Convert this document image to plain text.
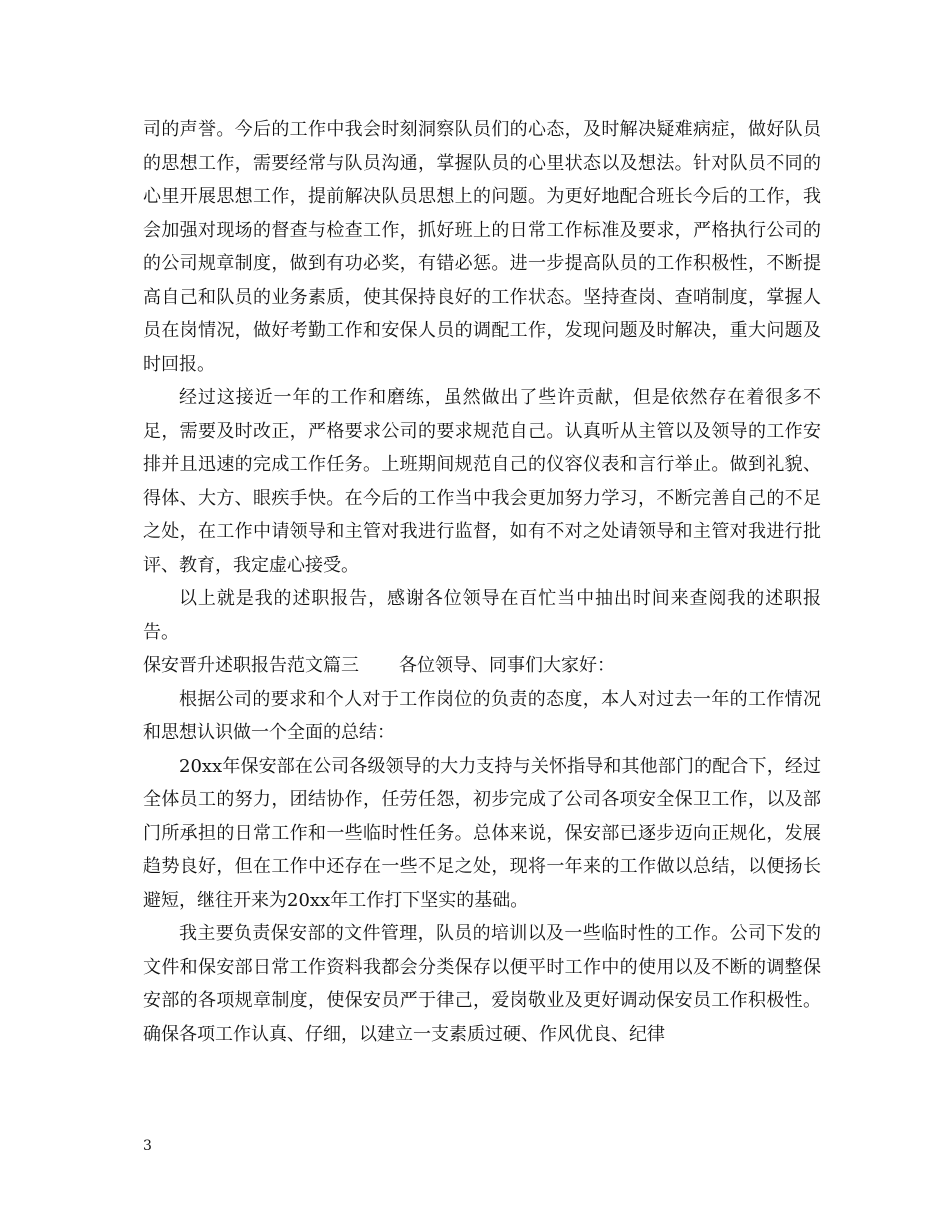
司的声誉。今后的工作中我会时刻洞察队员们的心态，及时解决疑难病症，做好队员的思想工作，需要经常与队员沟通，掌握队员的心里状态以及想法。针对队员不同的心里开展思想工作，提前解决队员思想上的问题。为更好地配合班长今后的工作，我会加强对现场的督查与检查工作，抓好班上的日常工作标准及要求，严格执行公司的的公司规章制度，做到有功必奖，有错必惩。进一步提高队员的工作积极性，不断提高自己和队员的业务素质，使其保持良好的工作状态。坚持查岗、查哨制度，掌握人员在岗情况，做好考勤工作和安保人员的调配工作，发现问题及时解决，重大问题及时回报。

经过这接近一年的工作和磨练，虽然做出了些许贡献，但是依然存在着很多不足，需要及时改正，严格要求公司的要求规范自己。认真听从主管以及领导的工作安排并且迅速的完成工作任务。上班期间规范自己的仪容仪表和言行举止。做到礼貌、得体、大方、眼疾手快。在今后的工作当中我会更加努力学习，不断完善自己的不足之处，在工作中请领导和主管对我进行监督，如有不对之处请领导和主管对我进行批评、教育，我定虚心接受。

以上就是我的述职报告，感谢各位领导在百忙当中抽出时间来查阅我的述职报告。

保安晋升述职报告范文篇三 各位领导、同事们大家好：

根据公司的要求和个人对于工作岗位的负责的态度，本人对过去一年的工作情况和思想认识做一个全面的总结：

20xx年保安部在公司各级领导的大力支持与关怀指导和其他部门的配合下，经过全体员工的努力，团结协作，任劳任怨，初步完成了公司各项安全保卫工作，以及部门所承担的日常工作和一些临时性任务。总体来说，保安部已逐步迈向正规化，发展趋势良好，但在工作中还存在一些不足之处，现将一年来的工作做以总结，以便扬长避短，继往开来为20xx年工作打下坚实的基础。

我主要负责保安部的文件管理，队员的培训以及一些临时性的工作。公司下发的文件和保安部日常工作资料我都会分类保存以便平时工作中的使用以及不断的调整保安部的各项规章制度，使保安员严于律己，爱岗敬业及更好调动保安员工作积极性。确保各项工作认真、仔细，以建立一支素质过硬、作风优良、纪律

3
